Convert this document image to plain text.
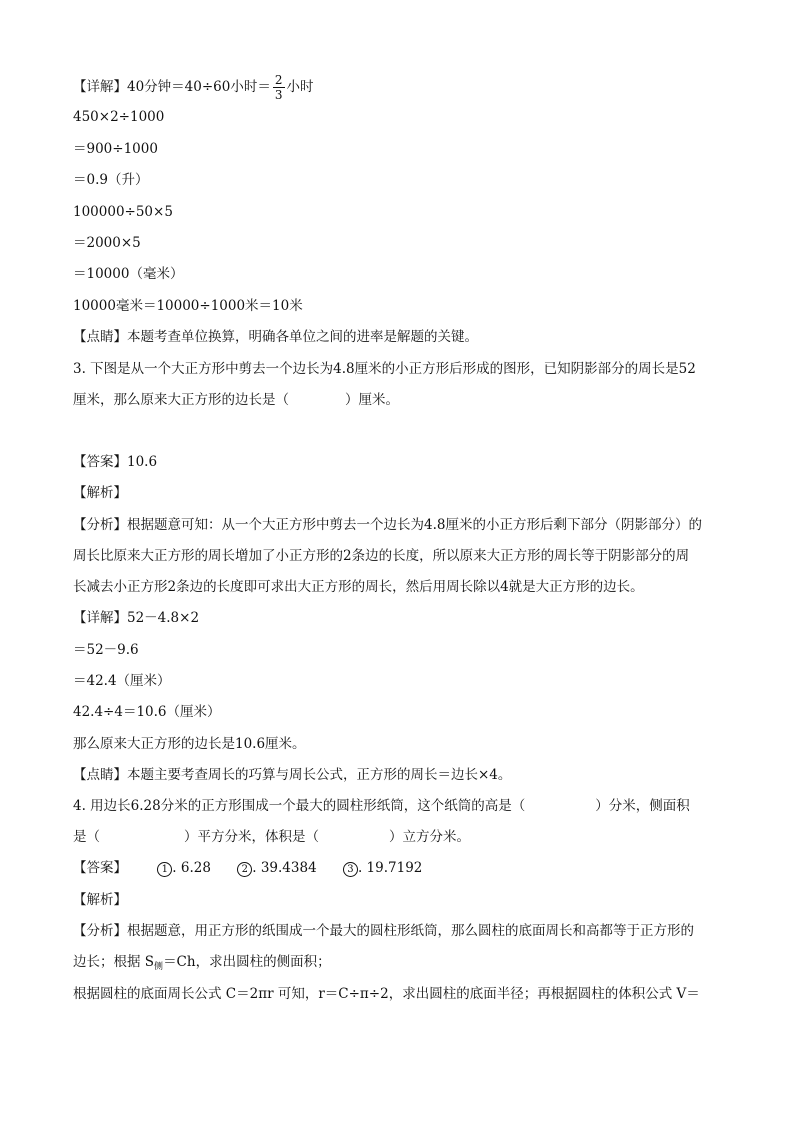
【详解】40分钟＝40÷60小时＝ $\frac{2}{3}$ 小时
450×2÷1000
＝900÷1000
＝0.9（升）
100000÷50×5
＝2000×5
＝10000（毫米）
10000毫米＝10000÷1000米＝10米
【点睛】本题考查单位换算，明确各单位之间的进率是解题的关键。
3. 下图是从一个大正方形中剪去一个边长为4.8厘米的小正方形后形成的图形，已知阴影部分的周长是52
厘米，那么原来大正方形的边长是（	）厘米。
【答案】10.6
【解析】
【分析】根据题意可知：从一个大正方形中剪去一个边长为4.8厘米的小正方形后剩下部分（阴影部分）的
周长比原来大正方形的周长增加了小正方形的2条边的长度，所以原来大正方形的周长等于阴影部分的周
长减去小正方形2条边的长度即可求出大正方形的周长，然后用周长除以4就是大正方形的边长。
【详解】52－4.8×2
＝52－9.6
＝42.4（厘米）
42.4÷4＝10.6（厘米）
那么原来大正方形的边长是10.6厘米。
【点睛】本题主要考查周长的巧算与周长公式，正方形的周长＝边长×4。
4. 用边长6.28分米的正方形围成一个最大的圆柱形纸筒，这个纸筒的高是（	）分米，侧面积
是（	）平方分米，体积是（	）立方分米。
【答案】	1 . 6.28	2 . 39.4384	3 . 19.7192
【解析】
【分析】根据题意，用正方形的纸围成一个最大的圆柱形纸筒，那么圆柱的底面周长和高都等于正方形的
边长；根据 $S_侧=Ch$，求出圆柱的侧面积；
根据圆柱的底面周长公式 C＝2πr 可知，r＝C÷π÷2，求出圆柱的底面半径；再根据圆柱的体积公式 V＝
